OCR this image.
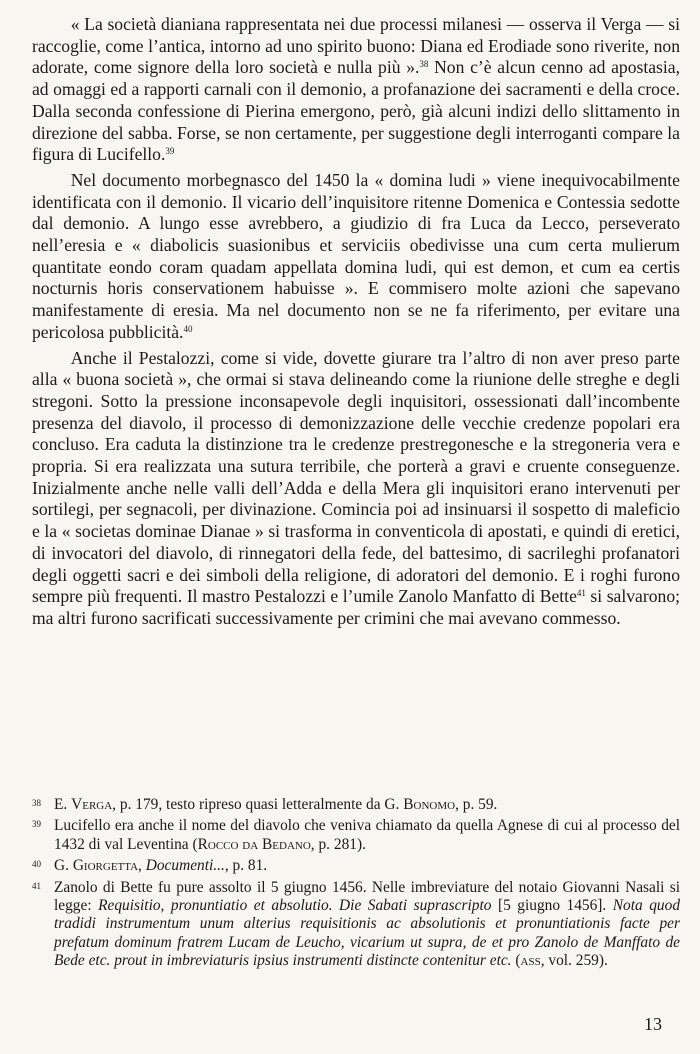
« La società dianiana rappresentata nei due processi milanesi — osserva il Verga — si raccoglie, come l’antica, intorno ad uno spirito buono: Diana ed Erodiade sono riverite, non adorate, come signore della loro società e nulla più ».$^{38}$ Non c’è alcun cenno ad apostasia, ad omaggi ed a rapporti carnali con il demonio, a profanazione dei sacramenti e della croce. Dalla seconda confessione di Pierina emergono, però, già alcuni indizi dello slittamento in direzione del sabba. Forse, se non certamente, per suggestione degli interroganti compare la figura di Lucifello.$^{39}$

Nel documento morbegnasco del 1450 la « domina ludi » viene inequivocabilmente identificata con il demonio. Il vicario dell’inquisitore ritenne Domenica e Contessia sedotte dal demonio. A lungo esse avrebbero, a giudizio di fra Luca da Lecco, perseverato nell’eresia e « diabolicis suasionibus et serviciis obedivisse una cum certa mulierum quantitate eondo coram quadam appellata domina ludi, qui est demon, et cum ea certis nocturnis horis conservationem habuisse ». E commisero molte azioni che sapevano manifestamente di eresia. Ma nel documento non se ne fa riferimento, per evitare una pericolosa pubblicità.$^{40}$

Anche il Pestalozzi, come si vide, dovette giurare tra l’altro di non aver preso parte alla « buona società », che ormai si stava delineando come la riunione delle streghe e degli stregoni. Sotto la pressione inconsapevole degli inquisitori, ossessionati dall’incombente presenza del diavolo, il processo di demonizzazione delle vecchie credenze popolari era concluso. Era caduta la distinzione tra le credenze prestregonesche e la stregoneria vera e propria. Si era realizzata una sutura terribile, che porterà a gravi e cruente conseguenze. Inizialmente anche nelle valli dell’Adda e della Mera gli inquisitori erano intervenuti per sortilegi, per segnacoli, per divinazione. Comincia poi ad insinuarsi il sospetto di maleficio e la « societas dominae Dianae » si trasforma in conventicola di apostati, e quindi di eretici, di invocatori del diavolo, di rinnegatori della fede, del battesimo, di sacrileghi profanatori degli oggetti sacri e dei simboli della religione, di adoratori del demonio. E i roghi furono sempre più frequenti. Il mastro Pestalozzi e l’umile Zanolo Manfatto di Bette$^{41}$ si salvarono; ma altri furono sacrificati successivamente per crimini che mai avevano commesso.

38 E. Verga, p. 179, testo ripreso quasi letteralmente da G. Bonomo, p. 59.
39 Lucifello era anche il nome del diavolo che veniva chiamato da quella Agnese di cui al processo del 1432 di val Leventina (Rocco da Bedano, p. 281).
40 G. Giorgetta, Documenti..., p. 81.
41 Zanolo di Bette fu pure assolto il 5 giugno 1456. Nelle imbreviature del notaio Giovanni Nasali si legge: Requisitio, pronuntiatio et absolutio. Die Sabati suprascripto [5 giugno 1456]. Nota quod tradidi instrumentum unum alterius requisitionis ac absolutionis et pronuntiationis facte per prefatum dominum fratrem Lucam de Leucho, vicarium ut supra, de et pro Zanolo de Manffato de Bede etc. prout in imbreviaturis ipsius instrumenti distincte contenitur etc. (ass, vol. 259).
13
